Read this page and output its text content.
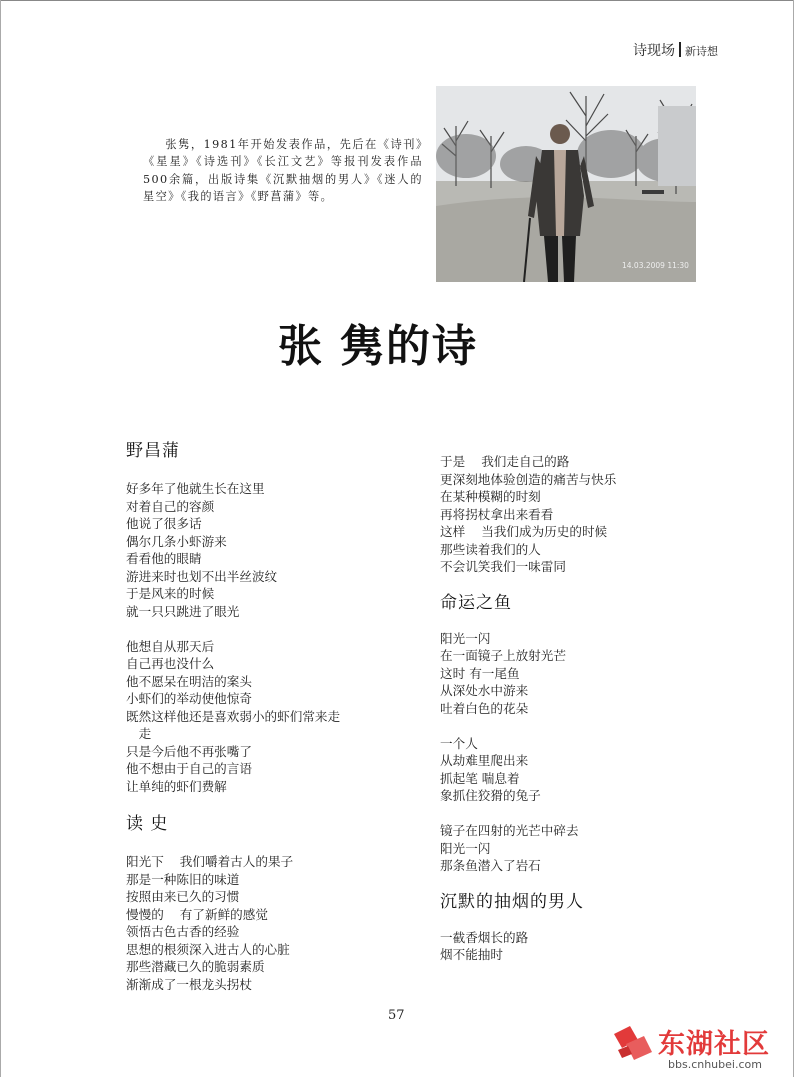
诗现场 新诗想
张隽，1981年开始发表作品，先后在《诗刊》《星星》《诗选刊》《长江文艺》等报刊发表作品500余篇，出版诗集《沉默抽烟的男人》《迷人的星空》《我的语言》《野菖蒲》等。
14.03.2009 11:30
张 隽的诗
野昌蒲
好多年了他就生长在这里
对着自己的容颜
他说了很多话
偶尔几条小虾游来
看看他的眼睛
游进来时也划不出半丝波纹
于是风来的时候
就一只只跳进了眼光
他想自从那天后
自己再也没什么
他不愿呆在明洁的案头
小虾们的举动使他惊奇
既然这样他还是喜欢弱小的虾们常来走
走
只是今后他不再张嘴了
他不想由于自己的言语
让单纯的虾们费解
读 史
阳光下    我们嚼着古人的果子
那是一种陈旧的味道
按照由来已久的习惯
慢慢的    有了新鲜的感觉
领悟古色古香的经验
思想的根须深入进古人的心脏
那些潜藏已久的脆弱素质
渐渐成了一根龙头拐杖
于是    我们走自己的路
更深刻地体验创造的痛苦与快乐
在某种模糊的时刻
再将拐杖拿出来看看
这样    当我们成为历史的时候
那些读着我们的人
不会讥笑我们一味雷同
命运之鱼
阳光一闪
在一面镜子上放射光芒
这时 有一尾鱼
从深处水中游来
吐着白色的花朵
一个人
从劫难里爬出来
抓起笔 喘息着
象抓住狡猾的兔子
镜子在四射的光芒中碎去
阳光一闪
那条鱼潜入了岩石
沉默的抽烟的男人
一截香烟长的路
烟不能抽时
57
东湖社区
bbs.cnhubei.com
